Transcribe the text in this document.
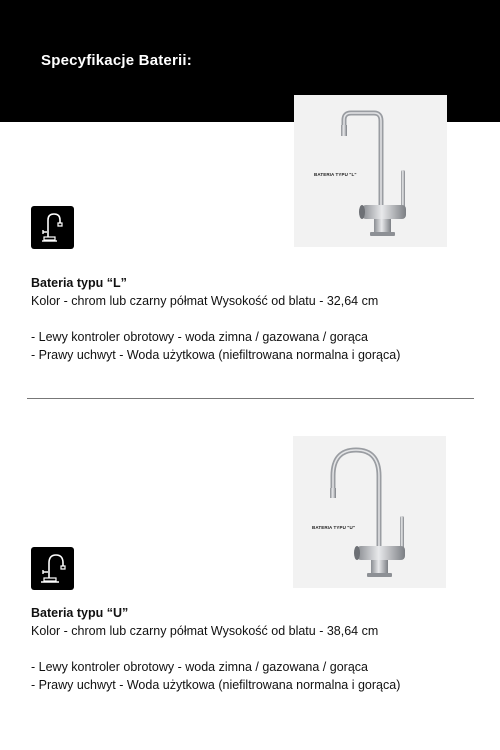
Specyfikacje Baterii:
BATERIA TYPU "L"
Bateria typu “L”
Kolor - chrom lub czarny półmat Wysokość od blatu - 32,64 cm
- Lewy kontroler obrotowy - woda zimna / gazowana / gorąca
- Prawy uchwyt - Woda użytkowa (niefiltrowana normalna i gorąca)
BATERIA TYPU "U"
Bateria typu “U”
Kolor - chrom lub czarny półmat Wysokość od blatu - 38,64 cm
- Lewy kontroler obrotowy - woda zimna / gazowana / gorąca
- Prawy uchwyt - Woda użytkowa (niefiltrowana normalna i gorąca)
